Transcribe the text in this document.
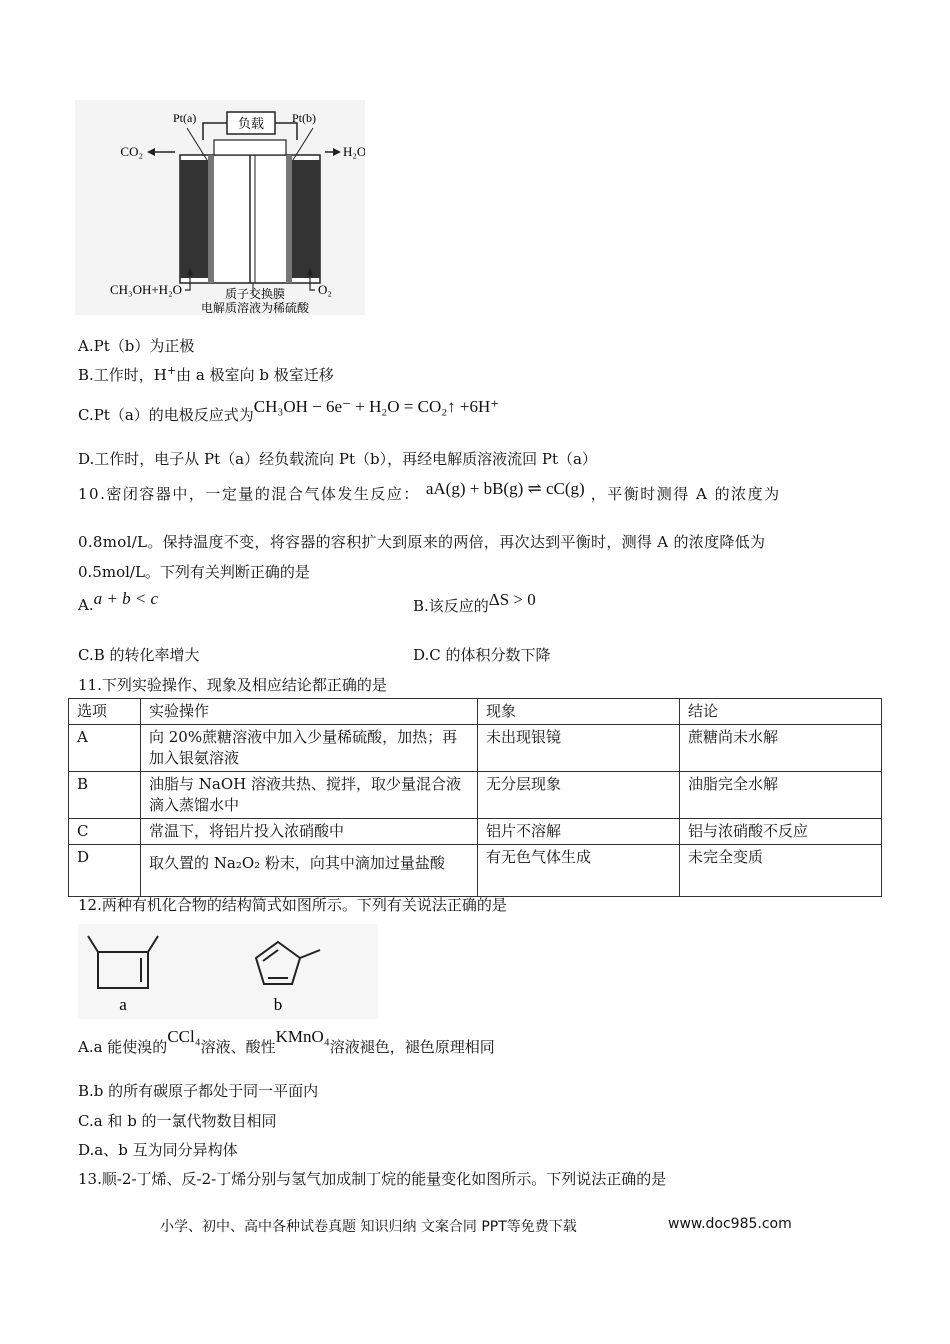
负载
Pt(a)	Pt(b)
CO₂	H₂O
CH₃OH+H₂O	O₂
质子交换膜
电解质溶液为稀硫酸
A.Pt（b）为正极
B.工作时，H+由 a 极室向 b 极室迁移
C.Pt（a）的电极反应式为CH₃OH − 6e⁻ + H₂O = CO₂↑ +6H⁺
D.工作时，电子从 Pt（a）经负载流向 Pt（b），再经电解质溶液流回 Pt（a）
10.密闭容器中，一定量的混合气体发生反应： aA(g) + bB(g) ⇌ cC(g) ，平衡时测得 A 的浓度为
0.8mol/L。保持温度不变，将容器的容积扩大到原来的两倍，再次达到平衡时，测得 A 的浓度降低为
0.5mol/L。下列有关判断正确的是
A.a + b < c	B.该反应的ΔS > 0
C.B 的转化率增大	D.C 的体积分数下降
11.下列实验操作、现象及相应结论都正确的是
选项	实验操作	现象	结论
A	向 20%蔗糖溶液中加入少量稀硫酸，加热；再加入银氨溶液	未出现银镜	蔗糖尚未水解
B	油脂与 NaOH 溶液共热、搅拌，取少量混合液滴入蒸馏水中	无分层现象	油脂完全水解
C	常温下，将铝片投入浓硝酸中	铝片不溶解	铝与浓硝酸不反应
D	取久置的 Na₂O₂ 粉末，向其中滴加过量盐酸	有无色气体生成	未完全变质
12.两种有机化合物的结构简式如图所示。下列有关说法正确的是
a	b
A.a 能使溴的CCl₄溶液、酸性KMnO₄溶液褪色，褪色原理相同
B.b 的所有碳原子都处于同一平面内
C.a 和 b 的一氯代物数目相同
D.a、b 互为同分异构体
13.顺-2-丁烯、反-2-丁烯分别与氢气加成制丁烷的能量变化如图所示。下列说法正确的是
小学、初中、高中各种试卷真题 知识归纳 文案合同 PPT等免费下载	www.doc985.com
